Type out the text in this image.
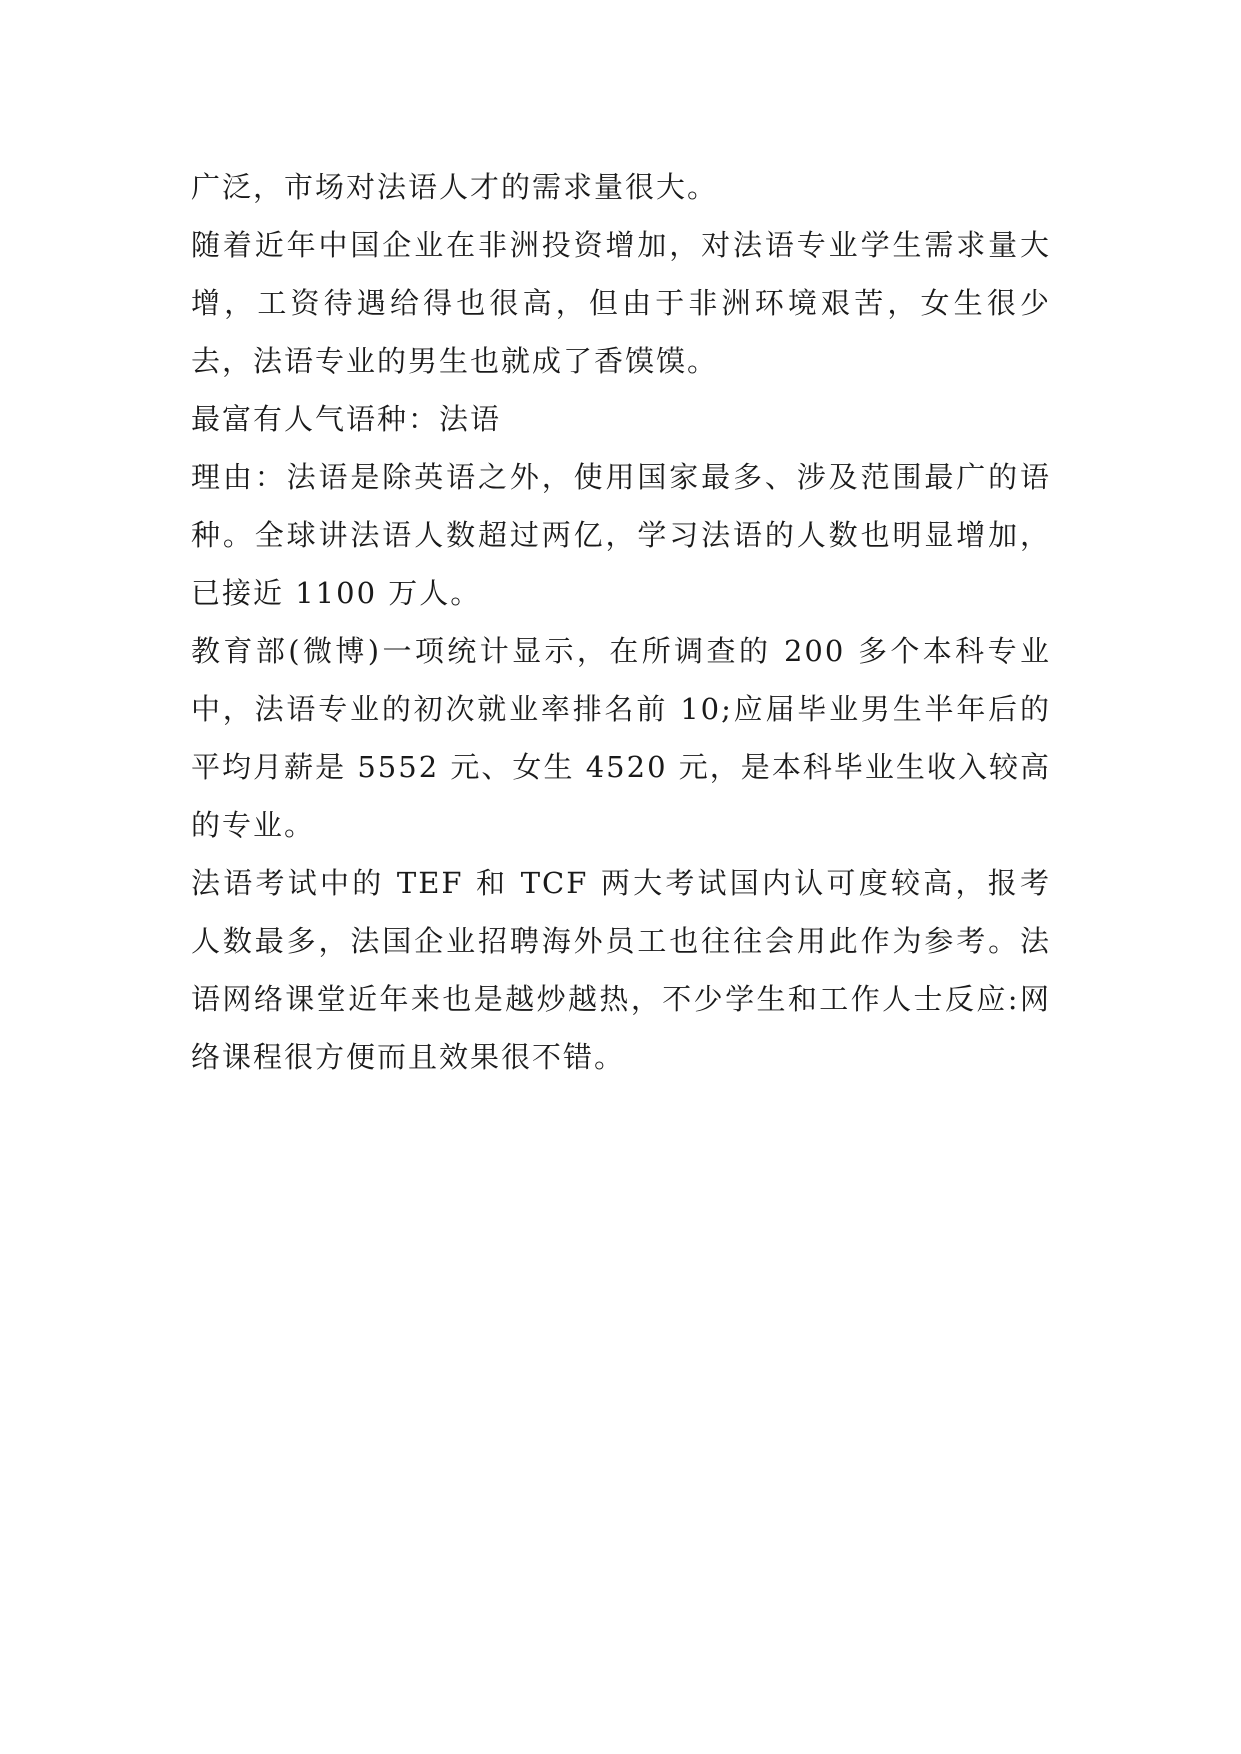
广泛，市场对法语人才的需求量很大。

随着近年中国企业在非洲投资增加，对法语专业学生需求量大增，工资待遇给得也很高，但由于非洲环境艰苦，女生很少去，法语专业的男生也就成了香馍馍。

最富有人气语种：法语

理由：法语是除英语之外，使用国家最多、涉及范围最广的语种。全球讲法语人数超过两亿，学习法语的人数也明显增加，已接近 1100 万人。

教育部(微博)一项统计显示，在所调查的 200 多个本科专业中，法语专业的初次就业率排名前 10;应届毕业男生半年后的平均月薪是 5552 元、女生 4520 元，是本科毕业生收入较高的专业。

法语考试中的 TEF 和 TCF 两大考试国内认可度较高，报考人数最多，法国企业招聘海外员工也往往会用此作为参考。法语网络课堂近年来也是越炒越热，不少学生和工作人士反应:网络课程很方便而且效果很不错。
